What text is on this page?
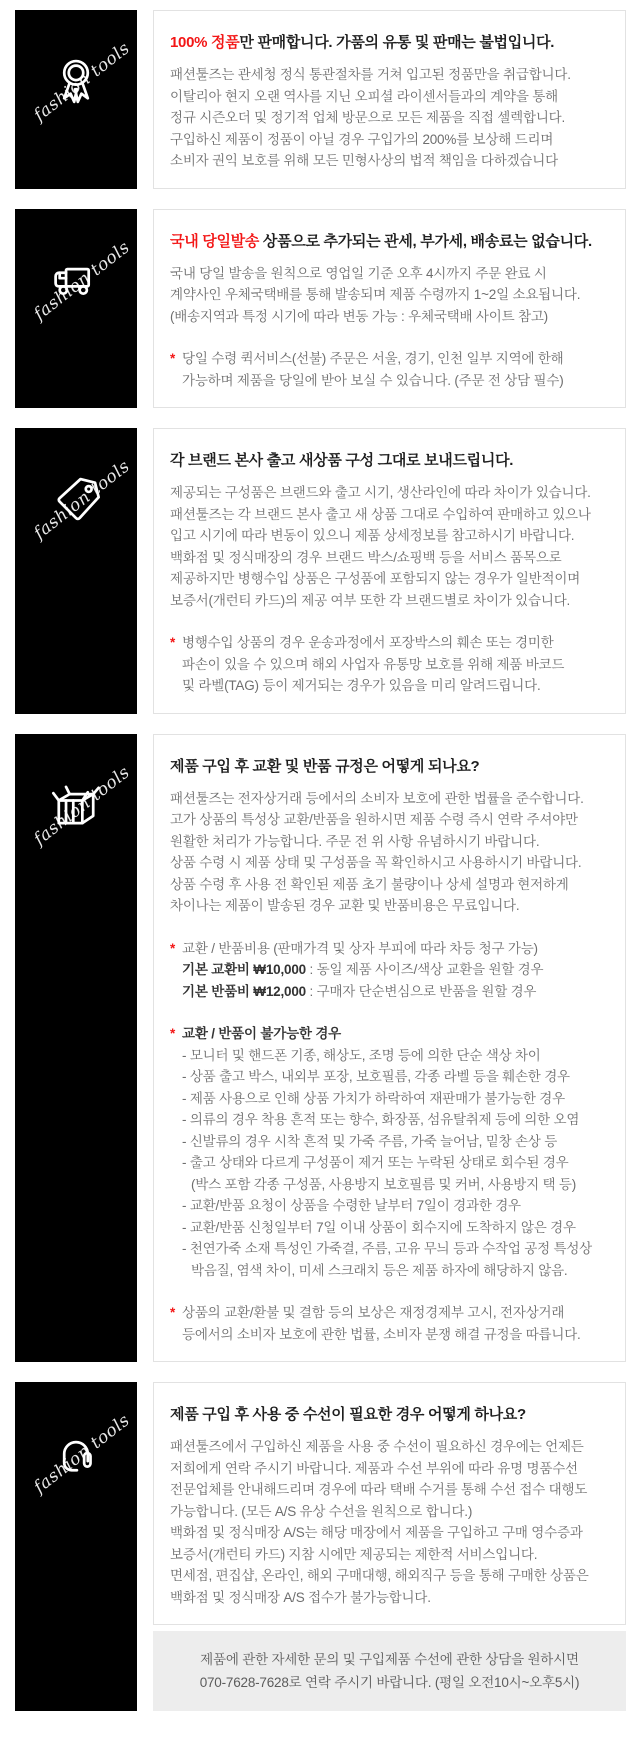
fashion tools	100% 정품만 판매합니다. 가품의 유통 및 판매는 불법입니다.
패션툴즈는 관세청 정식 통관절차를 거쳐 입고된 정품만을 취급합니다.
이탈리아 현지 오랜 역사를 지닌 오피셜 라이센서들과의 계약을 통해
정규 시즌오더 및 정기적 업체 방문으로 모든 제품을 직접 셀렉합니다.
구입하신 제품이 정품이 아닐 경우 구입가의 200%를 보상해 드리며
소비자 권익 보호를 위해 모든 민형사상의 법적 책임을 다하겠습니다
fashion tools	국내 당일발송 상품으로 추가되는 관세, 부가세, 배송료는 없습니다.
국내 당일 발송을 원칙으로 영업일 기준 오후 4시까지 주문 완료 시
계약사인 우체국택배를 통해 발송되며 제품 수령까지 1~2일 소요됩니다.
(배송지역과 특정 시기에 따라 변동 가능 : 우체국택배 사이트 참고)
* 당일 수령 퀵서비스(선불) 주문은 서울, 경기, 인천 일부 지역에 한해
가능하며 제품을 당일에 받아 보실 수 있습니다. (주문 전 상담 필수)
fashion tools	각 브랜드 본사 출고 새상품 구성 그대로 보내드립니다.
제공되는 구성품은 브랜드와 출고 시기, 생산라인에 따라 차이가 있습니다.
패션툴즈는 각 브랜드 본사 출고 새 상품 그대로 수입하여 판매하고 있으나
입고 시기에 따라 변동이 있으니 제품 상세정보를 참고하시기 바랍니다.
백화점 및 정식매장의 경우 브랜드 박스/쇼핑백 등을 서비스 품목으로
제공하지만 병행수입 상품은 구성품에 포함되지 않는 경우가 일반적이며
보증서(개런티 카드)의 제공 여부 또한 각 브랜드별로 차이가 있습니다.
* 병행수입 상품의 경우 운송과정에서 포장박스의 훼손 또는 경미한
파손이 있을 수 있으며 해외 사업자 유통망 보호를 위해 제품 바코드
및 라벨(TAG) 등이 제거되는 경우가 있음을 미리 알려드립니다.
fashion tools	제품 구입 후 교환 및 반품 규정은 어떻게 되나요?
패션툴즈는 전자상거래 등에서의 소비자 보호에 관한 법률을 준수합니다.
고가 상품의 특성상 교환/반품을 원하시면 제품 수령 즉시 연락 주셔야만
원활한 처리가 가능합니다. 주문 전 위 사항 유념하시기 바랍니다.
상품 수령 시 제품 상태 및 구성품을 꼭 확인하시고 사용하시기 바랍니다.
상품 수령 후 사용 전 확인된 제품 초기 불량이나 상세 설명과 현저하게
차이나는 제품이 발송된 경우 교환 및 반품비용은 무료입니다.
* 교환 / 반품비용 (판매가격 및 상자 부피에 따라 차등 청구 가능)
기본 교환비 ₩10,000 : 동일 제품 사이즈/색상 교환을 원할 경우
기본 반품비 ₩12,000 : 구매자 단순변심으로 반품을 원할 경우
* 교환 / 반품이 불가능한 경우
- 모니터 및 핸드폰 기종, 해상도, 조명 등에 의한 단순 색상 차이
- 상품 출고 박스, 내외부 포장, 보호필름, 각종 라벨 등을 훼손한 경우
- 제품 사용으로 인해 상품 가치가 하락하여 재판매가 불가능한 경우
- 의류의 경우 착용 흔적 또는 향수, 화장품, 섬유탈취제 등에 의한 오염
- 신발류의 경우 시착 흔적 및 가죽 주름, 가죽 늘어남, 밑창 손상 등
- 출고 상태와 다르게 구성품이 제거 또는 누락된 상태로 회수된 경우
(박스 포함 각종 구성품, 사용방지 보호필름 및 커버, 사용방지 택 등)
- 교환/반품 요청이 상품을 수령한 날부터 7일이 경과한 경우
- 교환/반품 신청일부터 7일 이내 상품이 회수지에 도착하지 않은 경우
- 천연가죽 소재 특성인 가죽결, 주름, 고유 무늬 등과 수작업 공정 특성상
박음질, 염색 차이, 미세 스크래치 등은 제품 하자에 해당하지 않음.
* 상품의 교환/환불 및 결함 등의 보상은 재정경제부 고시, 전자상거래
등에서의 소비자 보호에 관한 법률, 소비자 분쟁 해결 규정을 따릅니다.
fashion tools	제품 구입 후 사용 중 수선이 필요한 경우 어떻게 하나요?
패션툴즈에서 구입하신 제품을 사용 중 수선이 필요하신 경우에는 언제든
저희에게 연락 주시기 바랍니다. 제품과 수선 부위에 따라 유명 명품수선
전문업체를 안내해드리며 경우에 따라 택배 수거를 통해 수선 접수 대행도
가능합니다. (모든 A/S 유상 수선을 원칙으로 합니다.)
백화점 및 정식매장 A/S는 해당 매장에서 제품을 구입하고 구매 영수증과
보증서(개런티 카드) 지참 시에만 제공되는 제한적 서비스입니다.
면세점, 편집샵, 온라인, 해외 구매대행, 해외직구 등을 통해 구매한 상품은
백화점 및 정식매장 A/S 접수가 불가능합니다.
제품에 관한 자세한 문의 및 구입제품 수선에 관한 상담을 원하시면
070-7628-7628로 연락 주시기 바랍니다. (평일 오전10시~오후5시)
